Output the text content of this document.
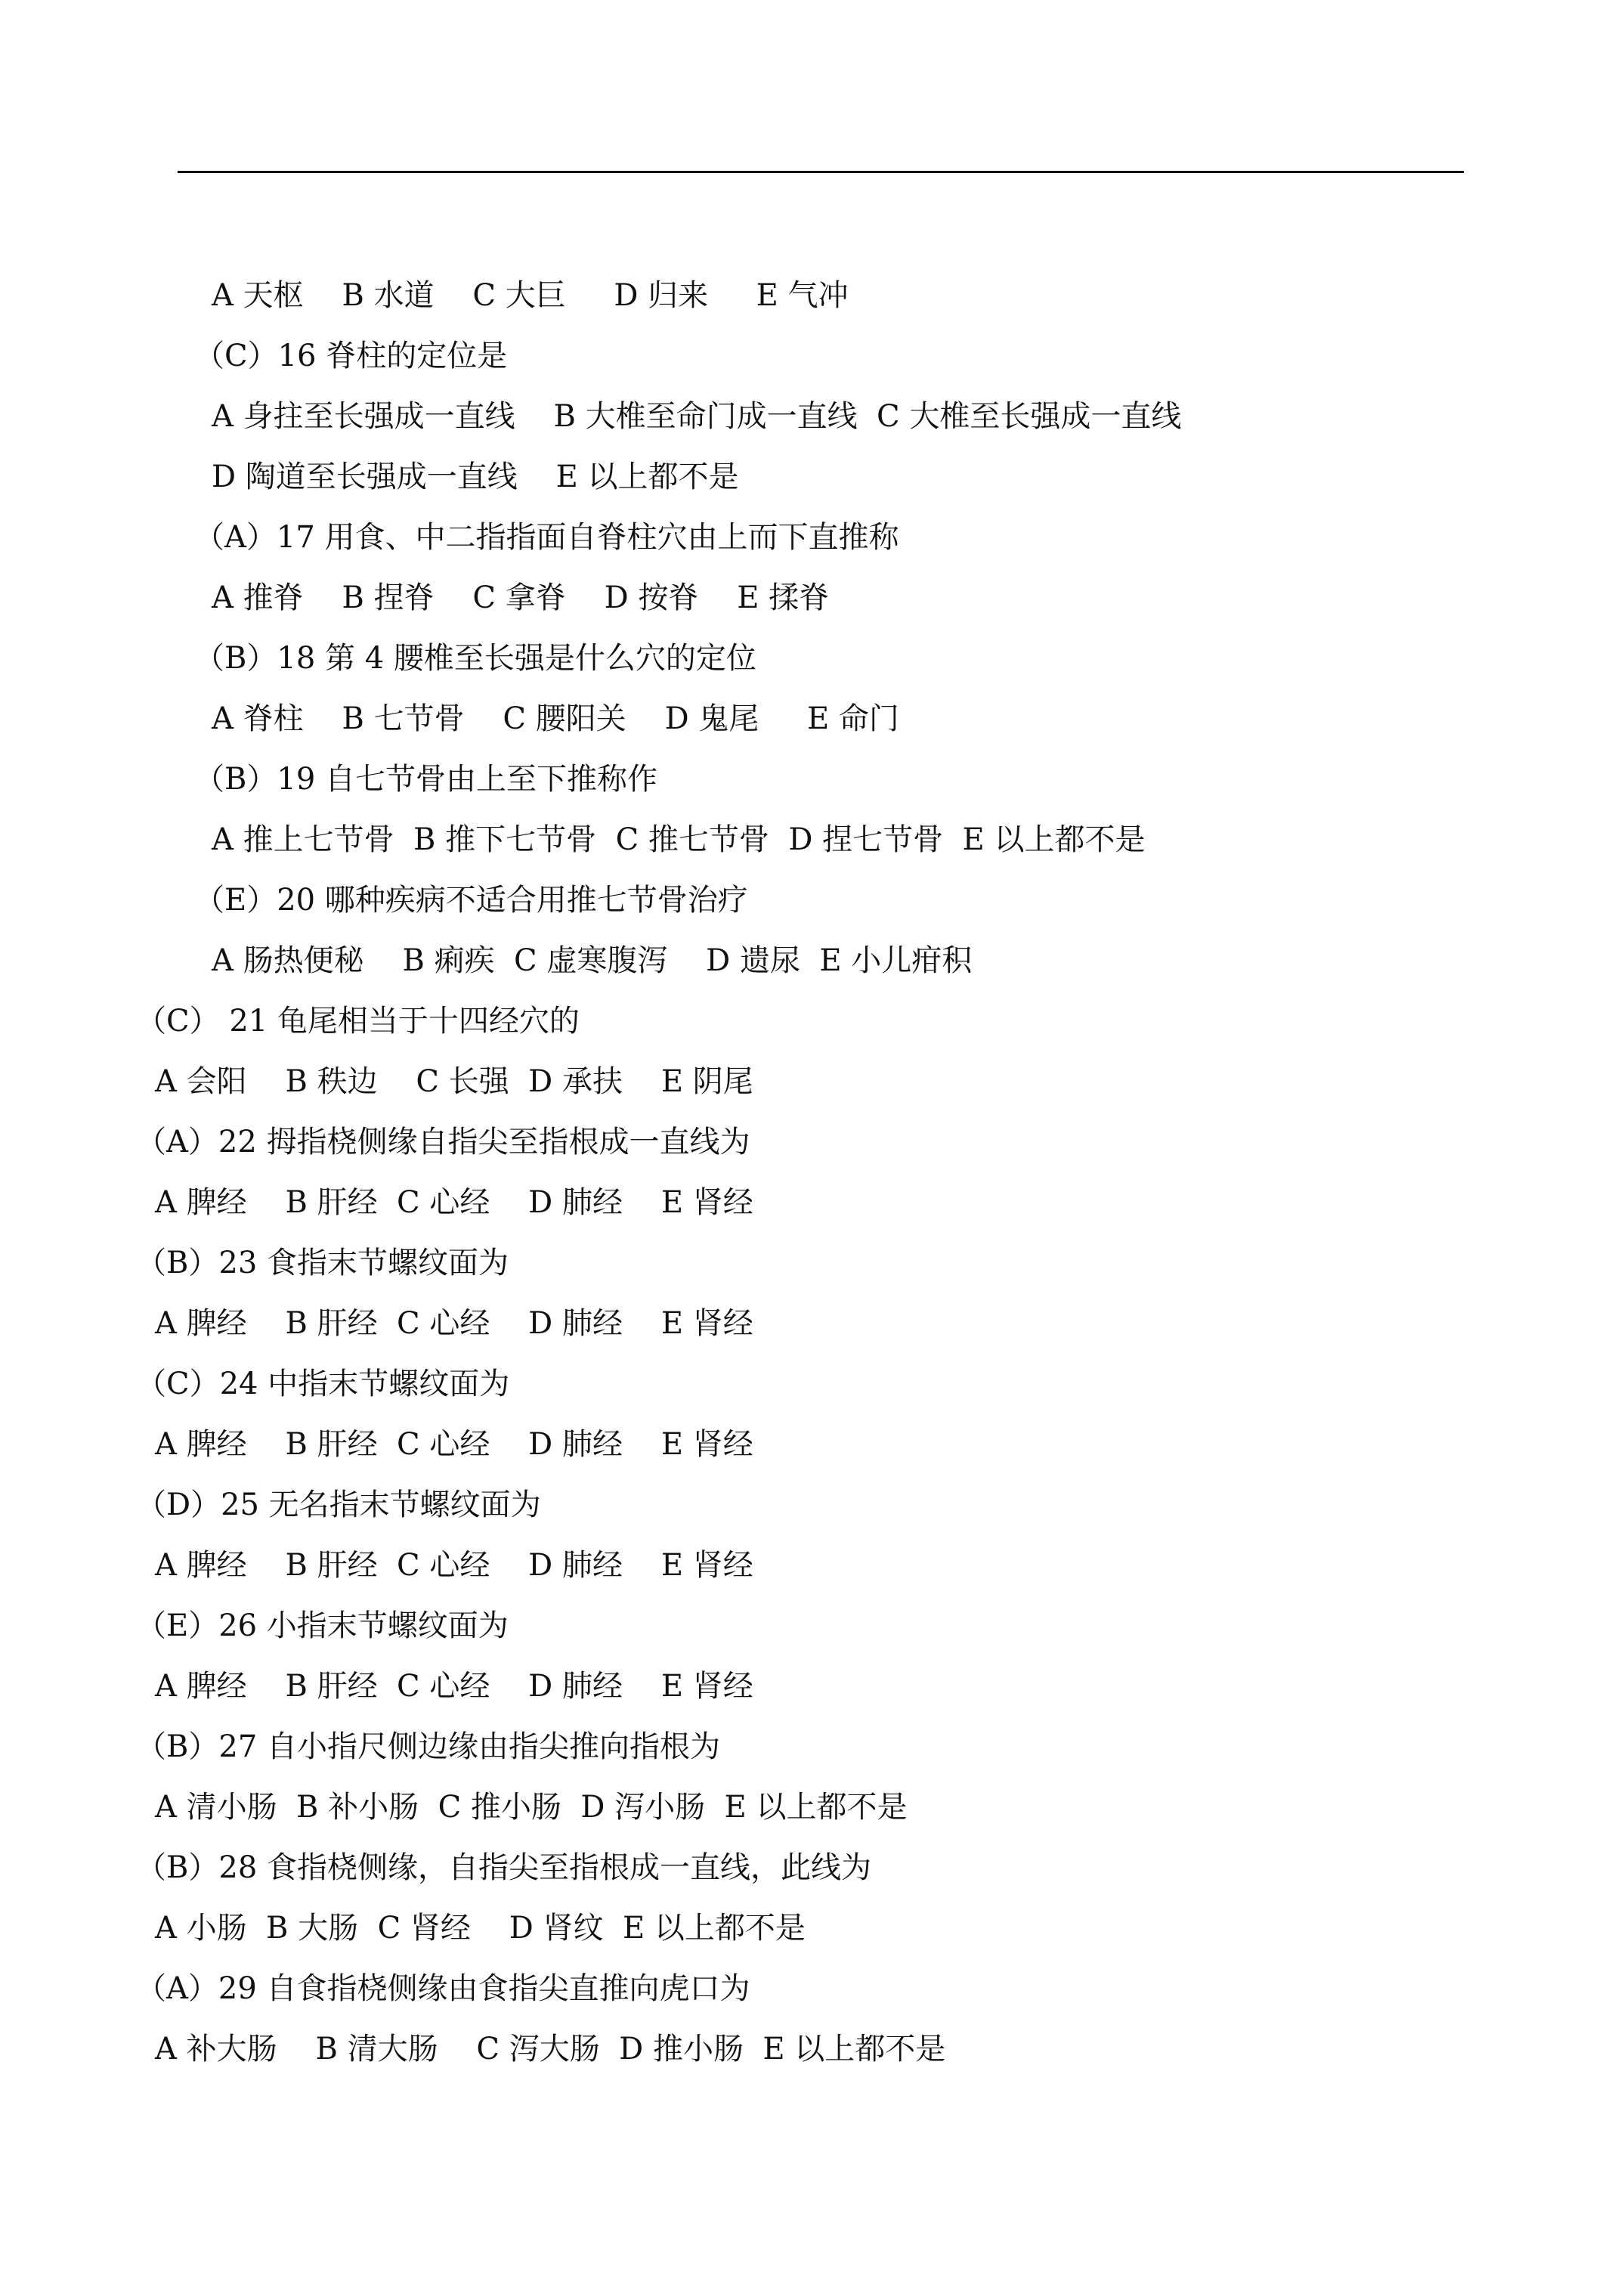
A 天枢    B 水道    C 大巨     D 归来     E 气冲
（C）16 脊柱的定位是
A 身拄至长强成一直线    B 大椎至命门成一直线  C 大椎至长强成一直线
D 陶道至长强成一直线    E 以上都不是
（A）17 用食、中二指指面自脊柱穴由上而下直推称
A 推脊    B 捏脊    C 拿脊    D 按脊    E 揉脊
（B）18 第 4 腰椎至长强是什么穴的定位
A 脊柱    B 七节骨    C 腰阳关    D 鬼尾     E 命门
（B）19 自七节骨由上至下推称作
A 推上七节骨  B 推下七节骨  C 推七节骨  D 捏七节骨  E 以上都不是
（E）20 哪种疾病不适合用推七节骨治疗
A 肠热便秘    B 痢疾  C 虚寒腹泻    D 遗尿  E 小儿疳积
（C） 21 龟尾相当于十四经穴的
A 会阳    B 秩边    C 长强  D 承扶    E 阴尾
（A）22 拇指桡侧缘自指尖至指根成一直线为
A 脾经    B 肝经  C 心经    D 肺经    E 肾经
（B）23 食指末节螺纹面为
A 脾经    B 肝经  C 心经    D 肺经    E 肾经
（C）24 中指末节螺纹面为
A 脾经    B 肝经  C 心经    D 肺经    E 肾经
（D）25 无名指末节螺纹面为
A 脾经    B 肝经  C 心经    D 肺经    E 肾经
（E）26 小指末节螺纹面为
A 脾经    B 肝经  C 心经    D 肺经    E 肾经
（B）27 自小指尺侧边缘由指尖推向指根为
A 清小肠  B 补小肠  C 推小肠  D 泻小肠  E 以上都不是
（B）28 食指桡侧缘，自指尖至指根成一直线，此线为
A 小肠  B 大肠  C 肾经    D 肾纹  E 以上都不是
（A）29 自食指桡侧缘由食指尖直推向虎口为
A 补大肠    B 清大肠    C 泻大肠  D 推小肠  E 以上都不是
